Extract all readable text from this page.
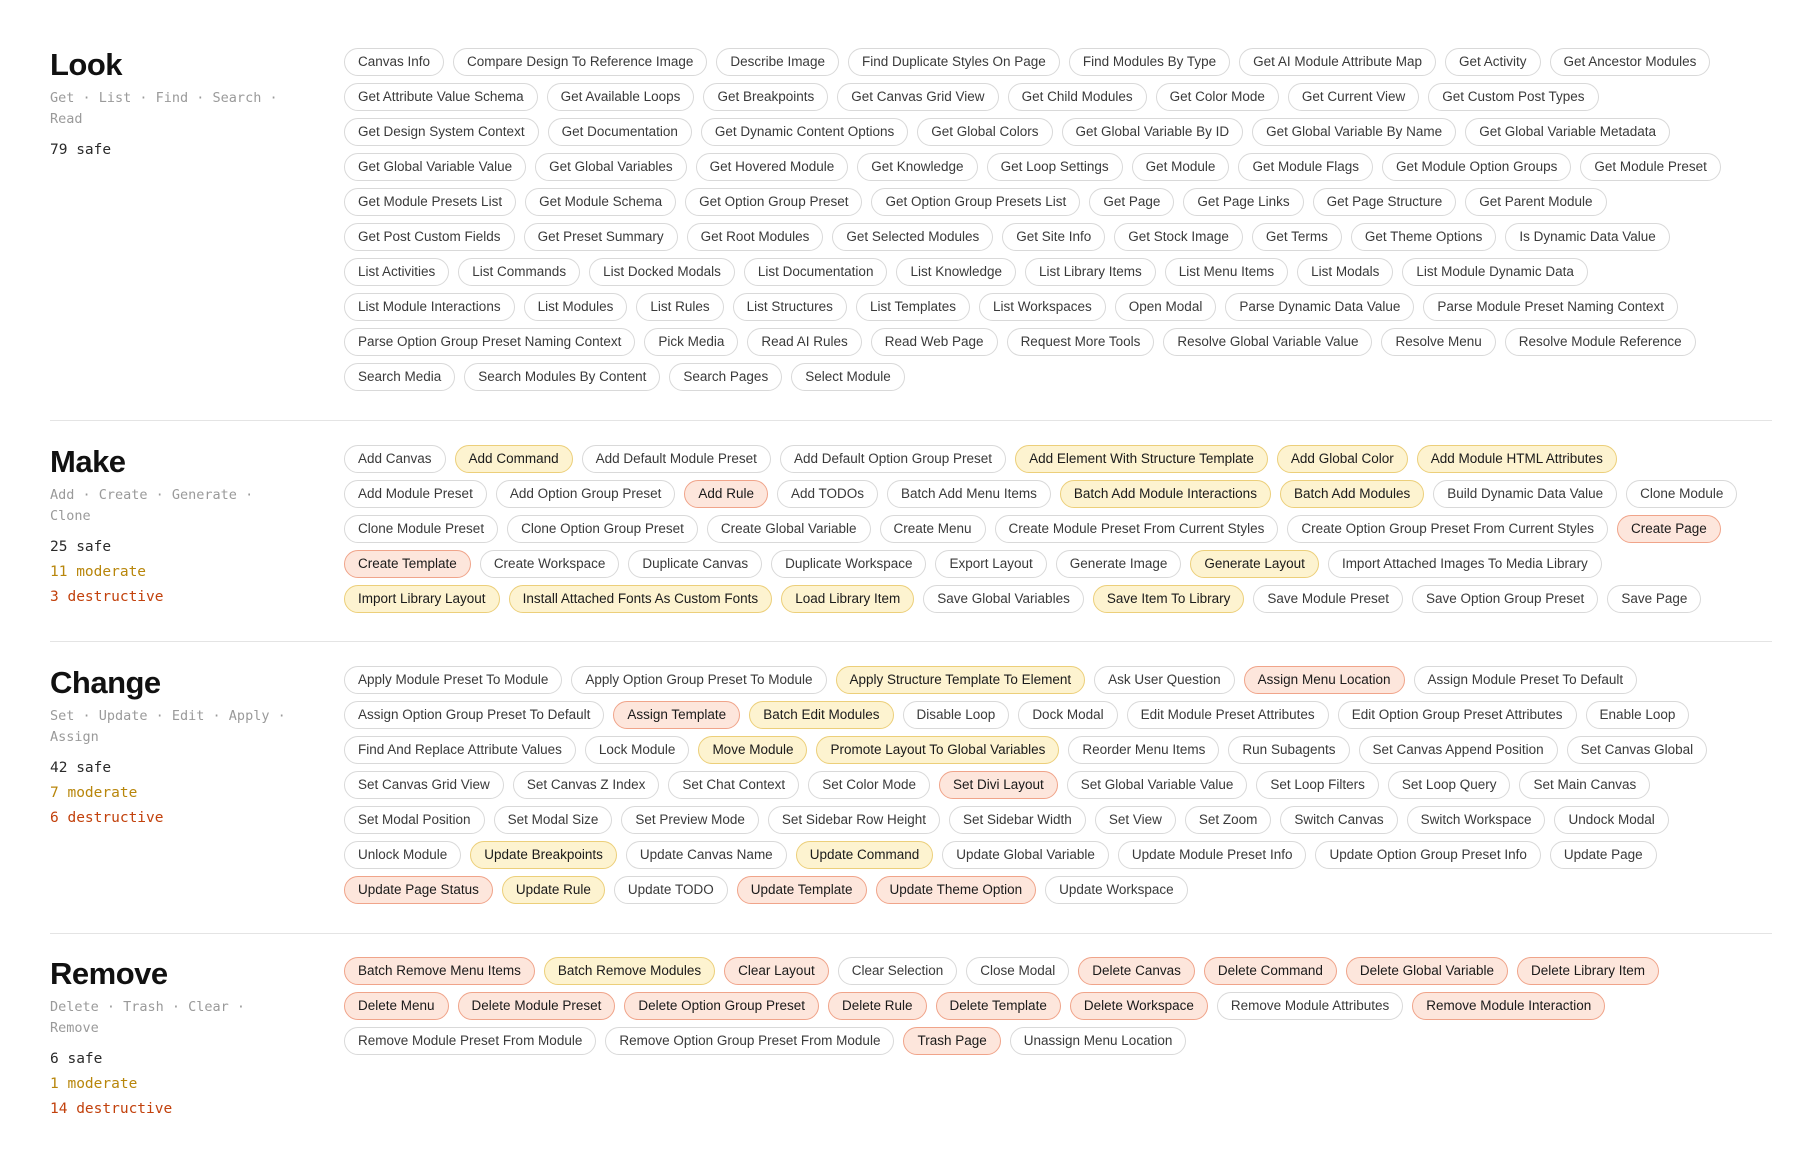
Look
Get · List · Find · Search · Read
79 safe
Canvas Info	Compare Design To Reference Image	Describe Image	Find Duplicate Styles On Page	Find Modules By Type	Get AI Module Attribute Map	Get Activity	Get Ancestor Modules
Get Attribute Value Schema	Get Available Loops	Get Breakpoints	Get Canvas Grid View	Get Child Modules	Get Color Mode	Get Current View	Get Custom Post Types
Get Design System Context	Get Documentation	Get Dynamic Content Options	Get Global Colors	Get Global Variable By ID	Get Global Variable By Name	Get Global Variable Metadata
Get Global Variable Value	Get Global Variables	Get Hovered Module	Get Knowledge	Get Loop Settings	Get Module	Get Module Flags	Get Module Option Groups	Get Module Preset
Get Module Presets List	Get Module Schema	Get Option Group Preset	Get Option Group Presets List	Get Page	Get Page Links	Get Page Structure	Get Parent Module
Get Post Custom Fields	Get Preset Summary	Get Root Modules	Get Selected Modules	Get Site Info	Get Stock Image	Get Terms	Get Theme Options	Is Dynamic Data Value
List Activities	List Commands	List Docked Modals	List Documentation	List Knowledge	List Library Items	List Menu Items	List Modals	List Module Dynamic Data
List Module Interactions	List Modules	List Rules	List Structures	List Templates	List Workspaces	Open Modal	Parse Dynamic Data Value	Parse Module Preset Naming Context
Parse Option Group Preset Naming Context	Pick Media	Read AI Rules	Read Web Page	Request More Tools	Resolve Global Variable Value	Resolve Menu	Resolve Module Reference
Search Media	Search Modules By Content	Search Pages	Select Module
Make
Add · Create · Generate · Clone
25 safe
11 moderate
3 destructive
Add Canvas	Add Command	Add Default Module Preset	Add Default Option Group Preset	Add Element With Structure Template	Add Global Color	Add Module HTML Attributes
Add Module Preset	Add Option Group Preset	Add Rule	Add TODOs	Batch Add Menu Items	Batch Add Module Interactions	Batch Add Modules	Build Dynamic Data Value	Clone Module
Clone Module Preset	Clone Option Group Preset	Create Global Variable	Create Menu	Create Module Preset From Current Styles	Create Option Group Preset From Current Styles	Create Page
Create Template	Create Workspace	Duplicate Canvas	Duplicate Workspace	Export Layout	Generate Image	Generate Layout	Import Attached Images To Media Library
Import Library Layout	Install Attached Fonts As Custom Fonts	Load Library Item	Save Global Variables	Save Item To Library	Save Module Preset	Save Option Group Preset	Save Page
Change
Set · Update · Edit · Apply · Assign
42 safe
7 moderate
6 destructive
Apply Module Preset To Module	Apply Option Group Preset To Module	Apply Structure Template To Element	Ask User Question	Assign Menu Location	Assign Module Preset To Default
Assign Option Group Preset To Default	Assign Template	Batch Edit Modules	Disable Loop	Dock Modal	Edit Module Preset Attributes	Edit Option Group Preset Attributes	Enable Loop
Find And Replace Attribute Values	Lock Module	Move Module	Promote Layout To Global Variables	Reorder Menu Items	Run Subagents	Set Canvas Append Position	Set Canvas Global
Set Canvas Grid View	Set Canvas Z Index	Set Chat Context	Set Color Mode	Set Divi Layout	Set Global Variable Value	Set Loop Filters	Set Loop Query	Set Main Canvas
Set Modal Position	Set Modal Size	Set Preview Mode	Set Sidebar Row Height	Set Sidebar Width	Set View	Set Zoom	Switch Canvas	Switch Workspace	Undock Modal
Unlock Module	Update Breakpoints	Update Canvas Name	Update Command	Update Global Variable	Update Module Preset Info	Update Option Group Preset Info	Update Page
Update Page Status	Update Rule	Update TODO	Update Template	Update Theme Option	Update Workspace
Remove
Delete · Trash · Clear · Remove
6 safe
1 moderate
14 destructive
Batch Remove Menu Items	Batch Remove Modules	Clear Layout	Clear Selection	Close Modal	Delete Canvas	Delete Command	Delete Global Variable	Delete Library Item
Delete Menu	Delete Module Preset	Delete Option Group Preset	Delete Rule	Delete Template	Delete Workspace	Remove Module Attributes	Remove Module Interaction
Remove Module Preset From Module	Remove Option Group Preset From Module	Trash Page	Unassign Menu Location
